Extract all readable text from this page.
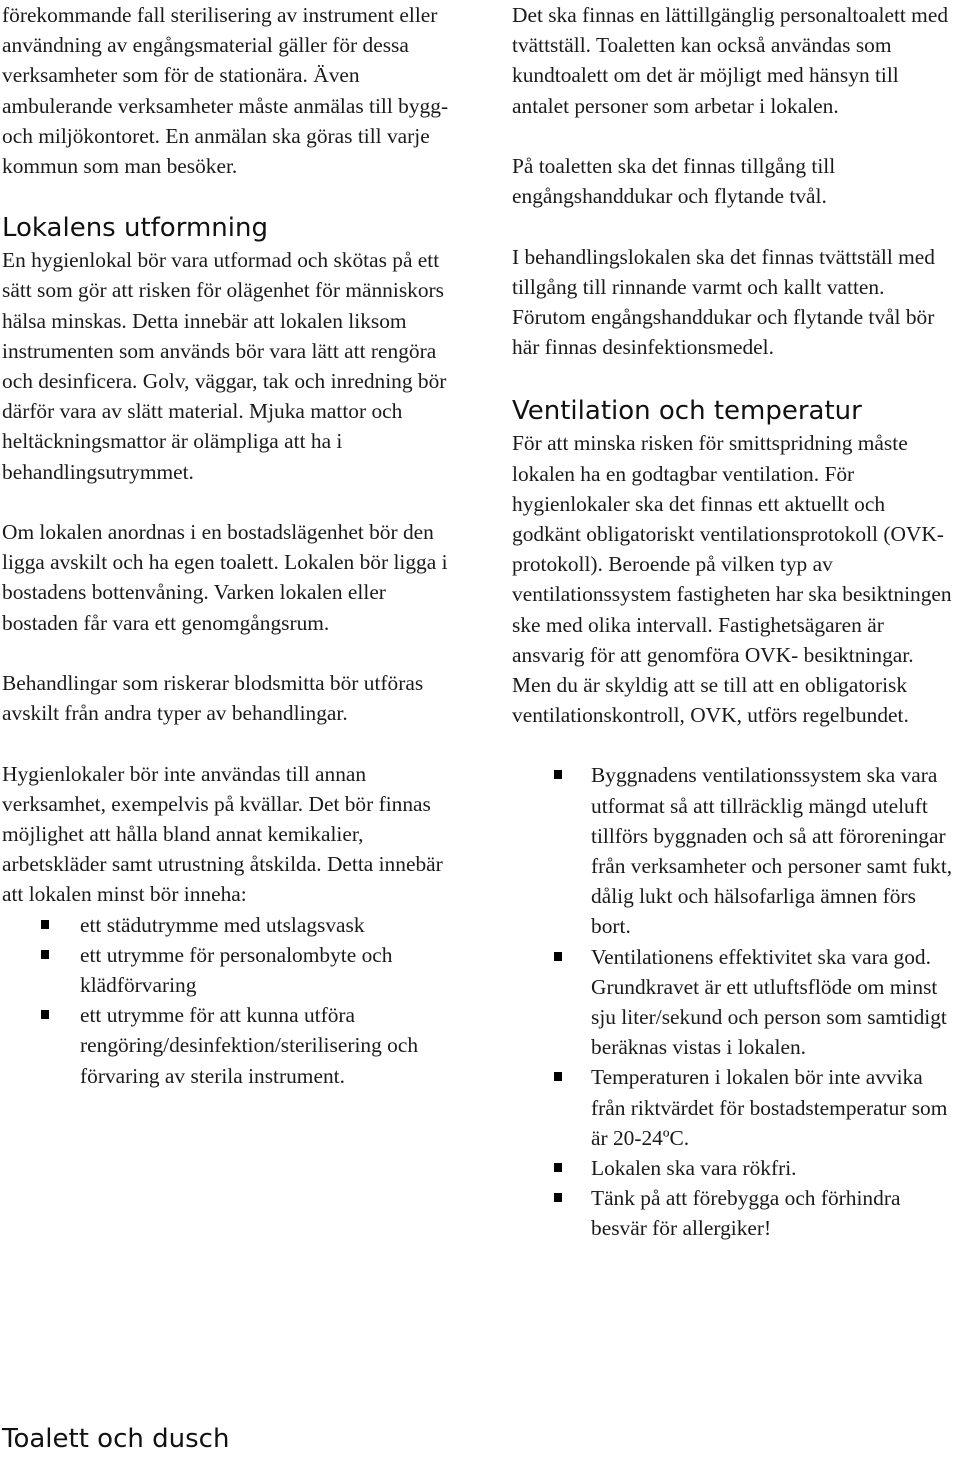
förekommande fall sterilisering av instrument eller användning av engångsmaterial gäller för dessa verksamheter som för de stationära. Även ambulerande verksamheter måste anmälas till bygg- och miljökontoret. En anmälan ska göras till varje kommun som man besöker.

Lokalens utformning

En hygienlokal bör vara utformad och skötas på ett sätt som gör att risken för olägenhet för människors hälsa minskas. Detta innebär att lokalen liksom instrumenten som används bör vara lätt att rengöra och desinficera. Golv, väggar, tak och inredning bör därför vara av slätt material. Mjuka mattor och heltäckningsmattor är olämpliga att ha i behandlingsutrymmet.

Om lokalen anordnas i en bostadslägenhet bör den ligga avskilt och ha egen toalett. Lokalen bör ligga i bostadens bottenvåning. Varken lokalen eller bostaden får vara ett genomgångsrum.

Behandlingar som riskerar blodsmitta bör utföras avskilt från andra typer av behandlingar.

Hygienlokaler bör inte användas till annan verksamhet, exempelvis på kvällar. Det bör finnas möjlighet att hålla bland annat kemikalier, arbetskläder samt utrustning åtskilda. Detta innebär att lokalen minst bör inneha:

ett städutrymme med utslagsvask
ett utrymme för personalombyte och klädförvaring
ett utrymme för att kunna utföra rengöring/desinfektion/sterilisering och förvaring av sterila instrument.
Toalett och dusch

Det ska finnas en lättillgänglig personaltoalett med tvättställ. Toaletten kan också användas som kundtoalett om det är möjligt med hänsyn till antalet personer som arbetar i lokalen.

På toaletten ska det finnas tillgång till engångshanddukar och flytande tvål.

I behandlingslokalen ska det finnas tvättställ med tillgång till rinnande varmt och kallt vatten. Förutom engångshanddukar och flytande tvål bör här finnas desinfektionsmedel.

Ventilation och temperatur

För att minska risken för smittspridning måste lokalen ha en godtagbar ventilation. För hygienlokaler ska det finnas ett aktuellt och godkänt obligatoriskt ventilationsprotokoll (OVK- protokoll). Beroende på vilken typ av ventilationssystem fastigheten har ska besiktningen ske med olika intervall. Fastighetsägaren är ansvarig för att genomföra OVK- besiktningar. Men du är skyldig att se till att en obligatorisk ventilationskontroll, OVK, utförs regelbundet.

Byggnadens ventilationssystem ska vara utformat så att tillräcklig mängd uteluft tillförs byggnaden och så att föroreningar från verksamheter och personer samt fukt, dålig lukt och hälsofarliga ämnen förs bort.
Ventilationens effektivitet ska vara god. Grundkravet är ett utluftsflöde om minst sju liter/sekund och person som samtidigt beräknas vistas i lokalen.
Temperaturen i lokalen bör inte avvika från riktvärdet för bostadstemperatur som är 20-24ºC.
Lokalen ska vara rökfri.
Tänk på att förebygga och förhindra besvär för allergiker!
